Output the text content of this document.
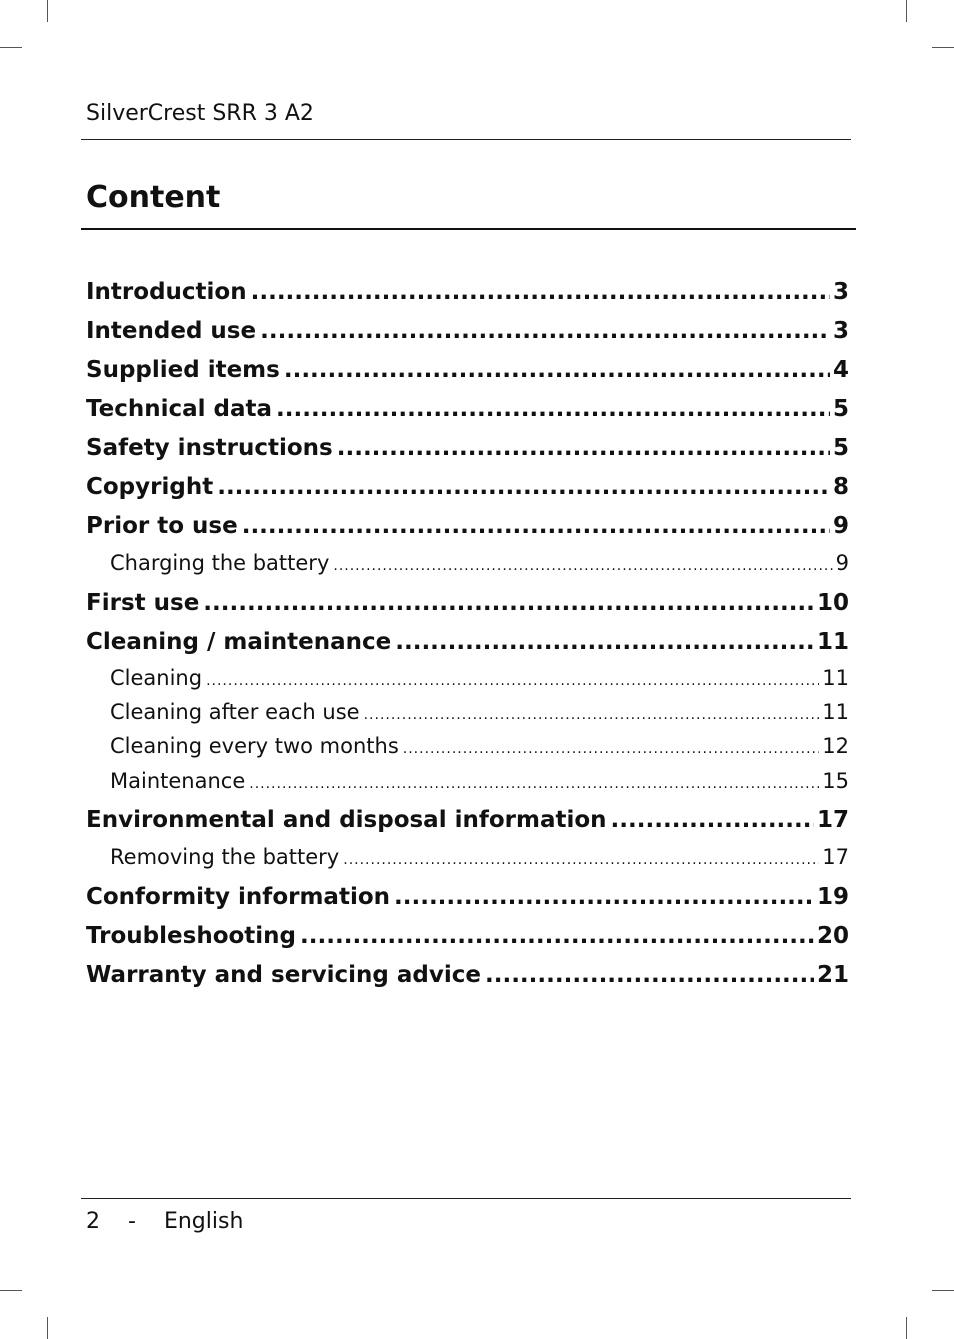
SilverCrest SRR 3 A2
Content
Introduction .....	3
Intended use .....	3
Supplied items .....	4
Technical data .....	5
Safety instructions .....	5
Copyright .....	8
Prior to use .....	9
Charging the battery .....	9
First use .....	10
Cleaning / maintenance .....	11
Cleaning .....	11
Cleaning after each use .....	11
Cleaning every two months .....	12
Maintenance .....	15
Environmental and disposal information .....	17
Removing the battery .....	17
Conformity information .....	19
Troubleshooting .....	20
Warranty and servicing advice .....	21
2 - English
